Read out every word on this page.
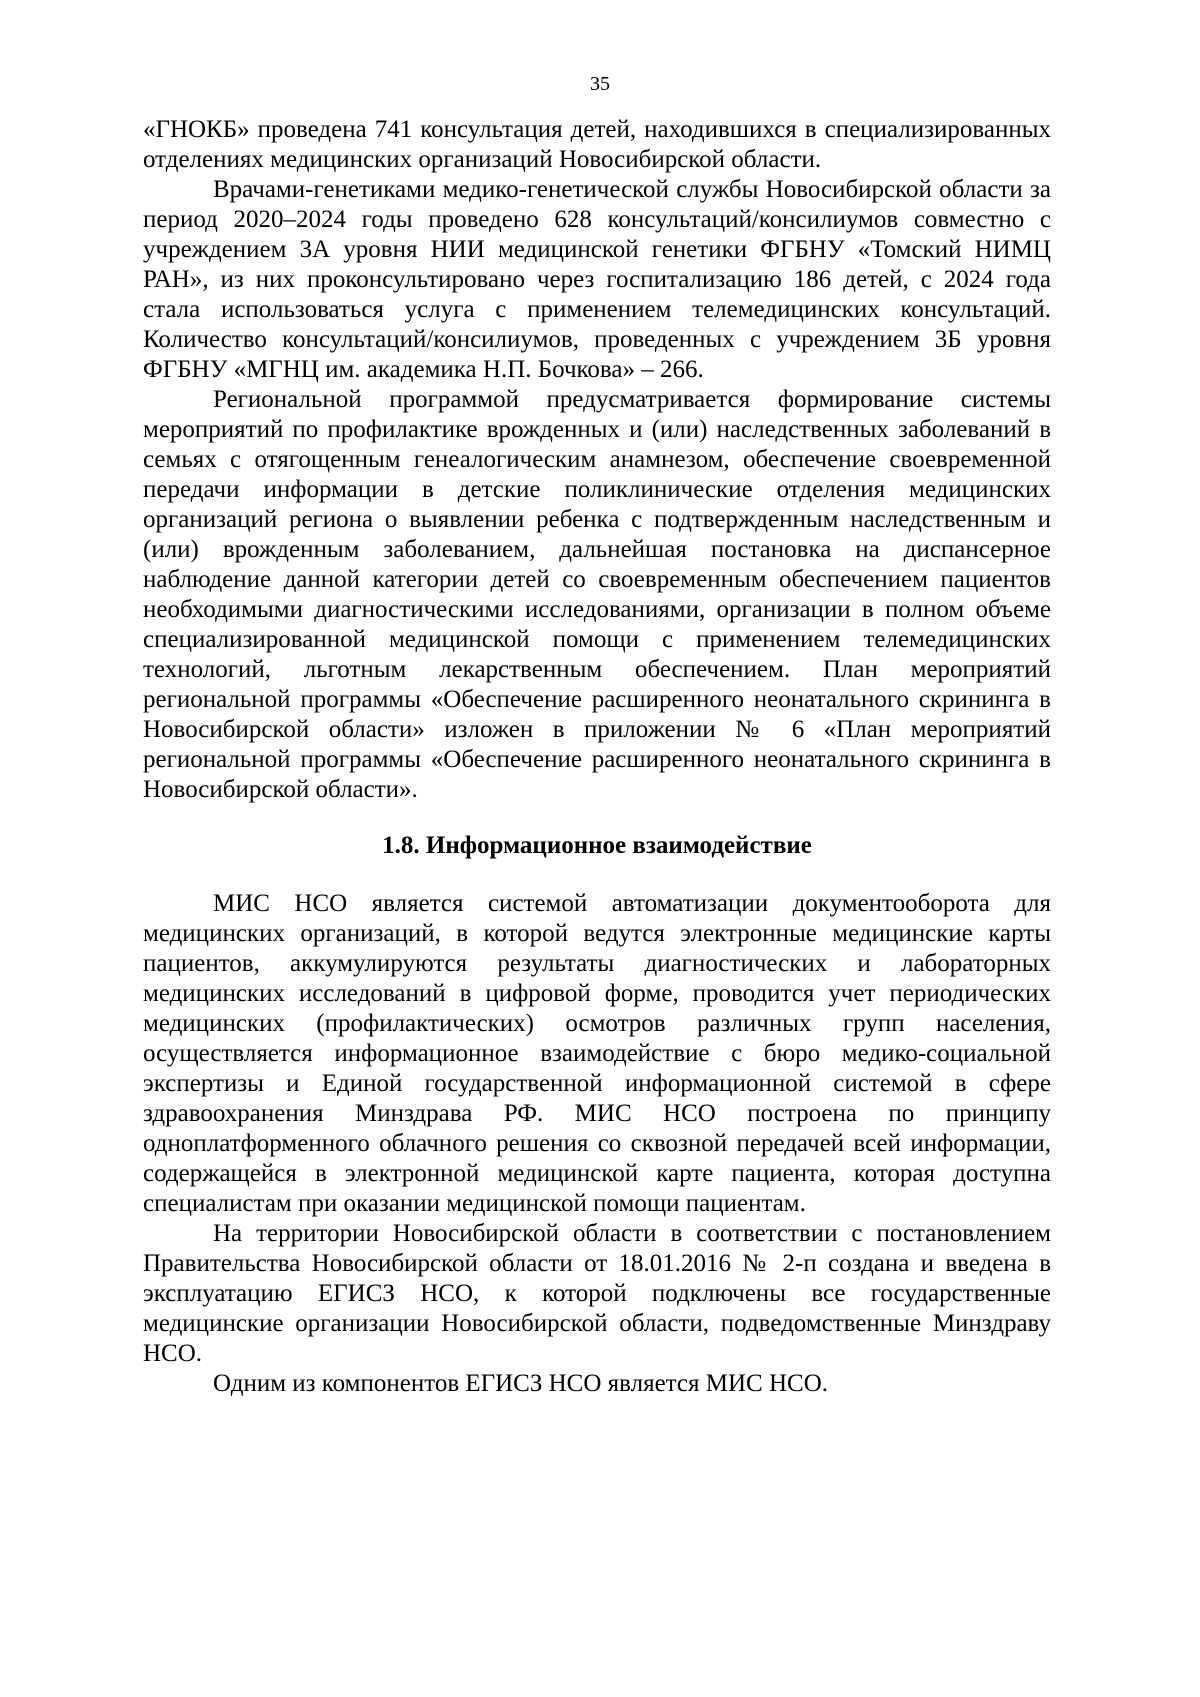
35

«ГНОКБ» проведена 741 консультация детей, находившихся в специализированных отделениях медицинских организаций Новосибирской области.

Врачами-генетиками медико-генетической службы Новосибирской области за период 2020–2024 годы проведено 628 консультаций/консилиумов совместно с учреждением 3А уровня НИИ медицинской генетики ФГБНУ «Томский НИМЦ РАН», из них проконсультировано через госпитализацию 186 детей, с 2024 года стала использоваться услуга с применением телемедицинских консультаций. Количество консультаций/консилиумов, проведенных с учреждением 3Б уровня ФГБНУ «МГНЦ им. академика Н.П. Бочкова» – 266.

Региональной программой предусматривается формирование системы мероприятий по профилактике врожденных и (или) наследственных заболеваний в семьях с отягощенным генеалогическим анамнезом, обеспечение своевременной передачи информации в детские поликлинические отделения медицинских организаций региона о выявлении ребенка с подтвержденным наследственным и (или) врожденным заболеванием, дальнейшая постановка на диспансерное наблюдение данной категории детей со своевременным обеспечением пациентов необходимыми диагностическими исследованиями, организации в полном объеме специализированной медицинской помощи с применением телемедицинских технологий, льготным лекарственным обеспечением. План мероприятий региональной программы «Обеспечение расширенного неонатального скрининга в Новосибирской области» изложен в приложении № 6 «План мероприятий региональной программы «Обеспечение расширенного неонатального скрининга в Новосибирской области».

1.8. Информационное взаимодействие

МИС НСО является системой автоматизации документооборота для медицинских организаций, в которой ведутся электронные медицинские карты пациентов, аккумулируются результаты диагностических и лабораторных медицинских исследований в цифровой форме, проводится учет периодических медицинских (профилактических) осмотров различных групп населения, осуществляется информационное взаимодействие с бюро медико-социальной экспертизы и Единой государственной информационной системой в сфере здравоохранения Минздрава РФ. МИС НСО построена по принципу одноплатформенного облачного решения со сквозной передачей всей информации, содержащейся в электронной медицинской карте пациента, которая доступна специалистам при оказании медицинской помощи пациентам.

На территории Новосибирской области в соответствии с постановлением Правительства Новосибирской области от 18.01.2016 № 2-п создана и введена в эксплуатацию ЕГИСЗ НСО, к которой подключены все государственные медицинские организации Новосибирской области, подведомственные Минздраву НСО.

Одним из компонентов ЕГИСЗ НСО является МИС НСО.
